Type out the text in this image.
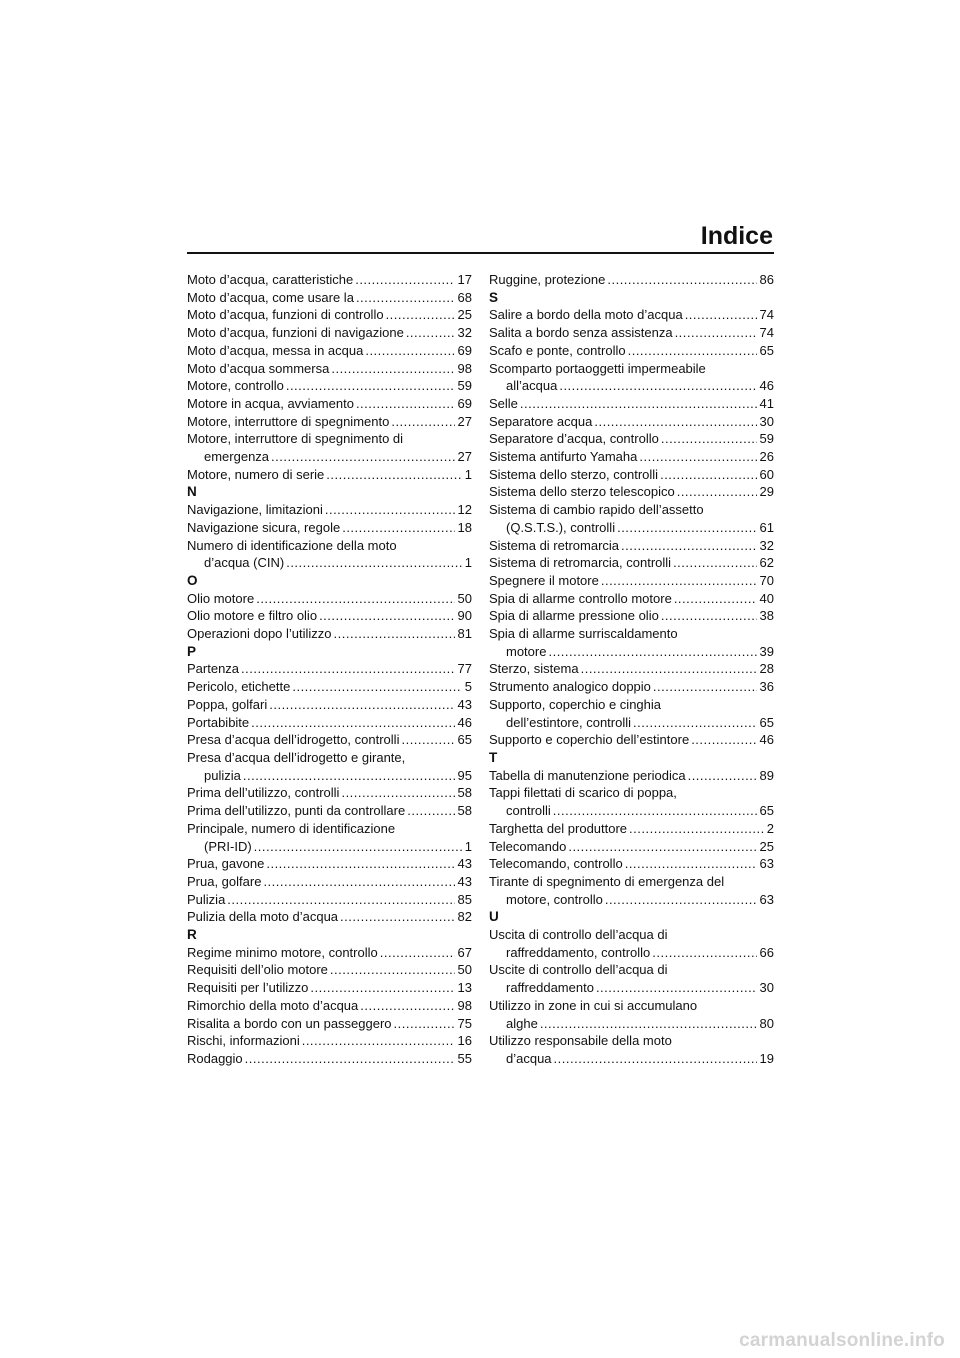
Indice
Moto d’acqua, caratteristiche .....	17
Moto d’acqua, come usare la .....	68
Moto d’acqua, funzioni di controllo .....	25
Moto d’acqua, funzioni di navigazione .....	32
Moto d’acqua, messa in acqua .....	69
Moto d’acqua sommersa .....	98
Motore, controllo .....	59
Motore in acqua, avviamento .....	69
Motore, interruttore di spegnimento .....	27
Motore, interruttore di spegnimento di
emergenza .....	27
Motore, numero di serie .....	1
N
Navigazione, limitazioni .....	12
Navigazione sicura, regole .....	18
Numero di identificazione della moto
d’acqua (CIN) .....	1
O
Olio motore .....	50
Olio motore e filtro olio .....	90
Operazioni dopo l’utilizzo .....	81
P
Partenza .....	77
Pericolo, etichette .....	5
Poppa, golfari .....	43
Portabibite .....	46
Presa d’acqua dell’idrogetto, controlli .....	65
Presa d’acqua dell’idrogetto e girante,
pulizia .....	95
Prima dell’utilizzo, controlli .....	58
Prima dell’utilizzo, punti da controllare .....	58
Principale, numero di identificazione
(PRI-ID) .....	1
Prua, gavone .....	43
Prua, golfare .....	43
Pulizia .....	85
Pulizia della moto d’acqua .....	82
R
Regime minimo motore, controllo .....	67
Requisiti dell’olio motore .....	50
Requisiti per l’utilizzo .....	13
Rimorchio della moto d’acqua .....	98
Risalita a bordo con un passeggero .....	75
Rischi, informazioni .....	16
Rodaggio .....	55
Ruggine, protezione .....	86
S
Salire a bordo della moto d’acqua .....	74
Salita a bordo senza assistenza .....	74
Scafo e ponte, controllo .....	65
Scomparto portaoggetti impermeabile
all’acqua .....	46
Selle .....	41
Separatore acqua .....	30
Separatore d’acqua, controllo .....	59
Sistema antifurto Yamaha .....	26
Sistema dello sterzo, controlli .....	60
Sistema dello sterzo telescopico .....	29
Sistema di cambio rapido dell’assetto
(Q.S.T.S.), controlli .....	61
Sistema di retromarcia .....	32
Sistema di retromarcia, controlli .....	62
Spegnere il motore .....	70
Spia di allarme controllo motore .....	40
Spia di allarme pressione olio .....	38
Spia di allarme surriscaldamento
motore .....	39
Sterzo, sistema .....	28
Strumento analogico doppio .....	36
Supporto, coperchio e cinghia
dell’estintore, controlli .....	65
Supporto e coperchio dell’estintore .....	46
T
Tabella di manutenzione periodica .....	89
Tappi filettati di scarico di poppa,
controlli .....	65
Targhetta del produttore .....	2
Telecomando .....	25
Telecomando, controllo .....	63
Tirante di spegnimento di emergenza del
motore, controllo .....	63
U
Uscita di controllo dell’acqua di
raffreddamento, controllo .....	66
Uscite di controllo dell’acqua di
raffreddamento .....	30
Utilizzo in zone in cui si accumulano
alghe .....	80
Utilizzo responsabile della moto
d’acqua .....	19
carmanualsonline.info
